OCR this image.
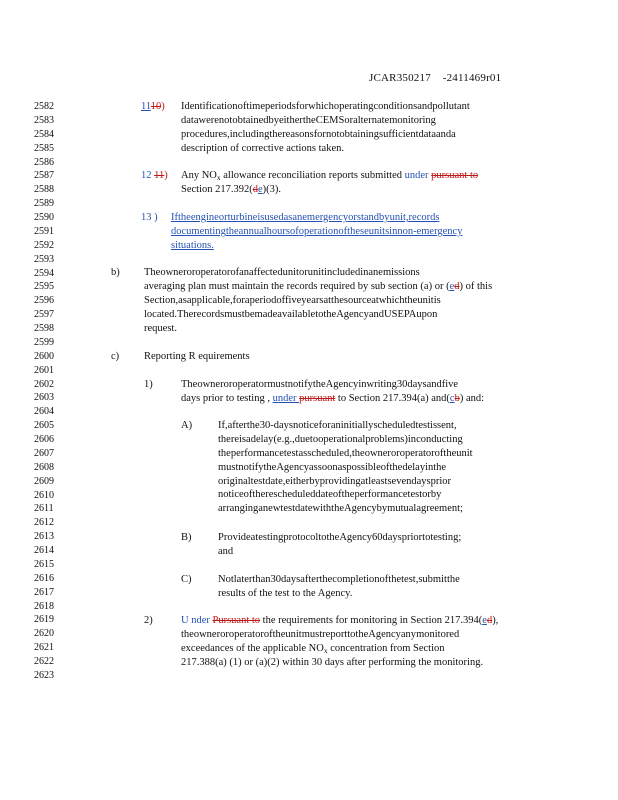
JCAR350217 -2411469r01
2582
2583
2584
2585
2586
2587
2588
2589
2590
2591
2592
2593
2594
2595
2596
2597
2598
2599
2600
2601
2602
2603
2604
2605
2606
2607
2608
2609
2610
2611
2612
2613
2614
2615
2616
2617
2618
2619
2620
2621
2622
2623
1110) Identificationoftimeperiodsforwhichoperatingconditionsandpollutant
datawerenotobtainedbyeithertheCEMSoralternatemonitoring
procedures,includingthereasonsfornotobtainingsufficientdataanda
description of corrective actions taken.
12 11) Any $NO_x$ allowance reconciliation reports submitted under pursuant to
Section 217.392(de)(3).
13 ) Iftheengineorturbineisusedasanemergencyorstandbyunit,records
documentingtheannualhoursofoperationoftheseunitsinnon-emergency
situations.
b) Theowneroroperatorofanaffectedunitorunitincludedinanemissions
averaging plan must maintain the records required by sub section (a) or (ed) of this
Section,asapplicable,foraperiodoffiveyearsatthesourceatwhichtheunitis
located.TherecordsmustbemadeavailabletotheAgencyandUSEPAupon
request.
c) Reporting R equirements
1)	TheowneroroperatormustnotifytheAgencyinwriting30daysandfive
days prior to testing , under pursuant to Section 217.394(a) and(cb) and:
A) If,afterthe30-daysnoticeforaninitiallyscheduledtestissent,
thereisadelay(e.g.,duetooperationalproblems)inconducting
theperformancetestasscheduled,theowneroroperatoroftheunit
mustnotifytheAgencyassoonaspossibleofthedelayinthe
originaltestdate,eitherbyprovidingatleastsevendaysprior
noticeoftherescheduleddateoftheperformancetestorby
arranginganewtestdatewiththeAgencybymutualagreement;
B)	ProvideatestingprotocoltotheAgency60dayspriortotesting;
and
C)	Notlaterthan30daysafterthecompletionofthetest,submitthe
results of the test to the Agency.
2)	U nder Pursuant to the requirements for monitoring in Section 217.394(ed),
theowneroroperatoroftheunitmustreporttotheAgencyanymonitored
exceedances of the applicable $NO_x$ concentration from Section
217.388(a) (1) or (a)(2) within 30 days after performing the monitoring.
